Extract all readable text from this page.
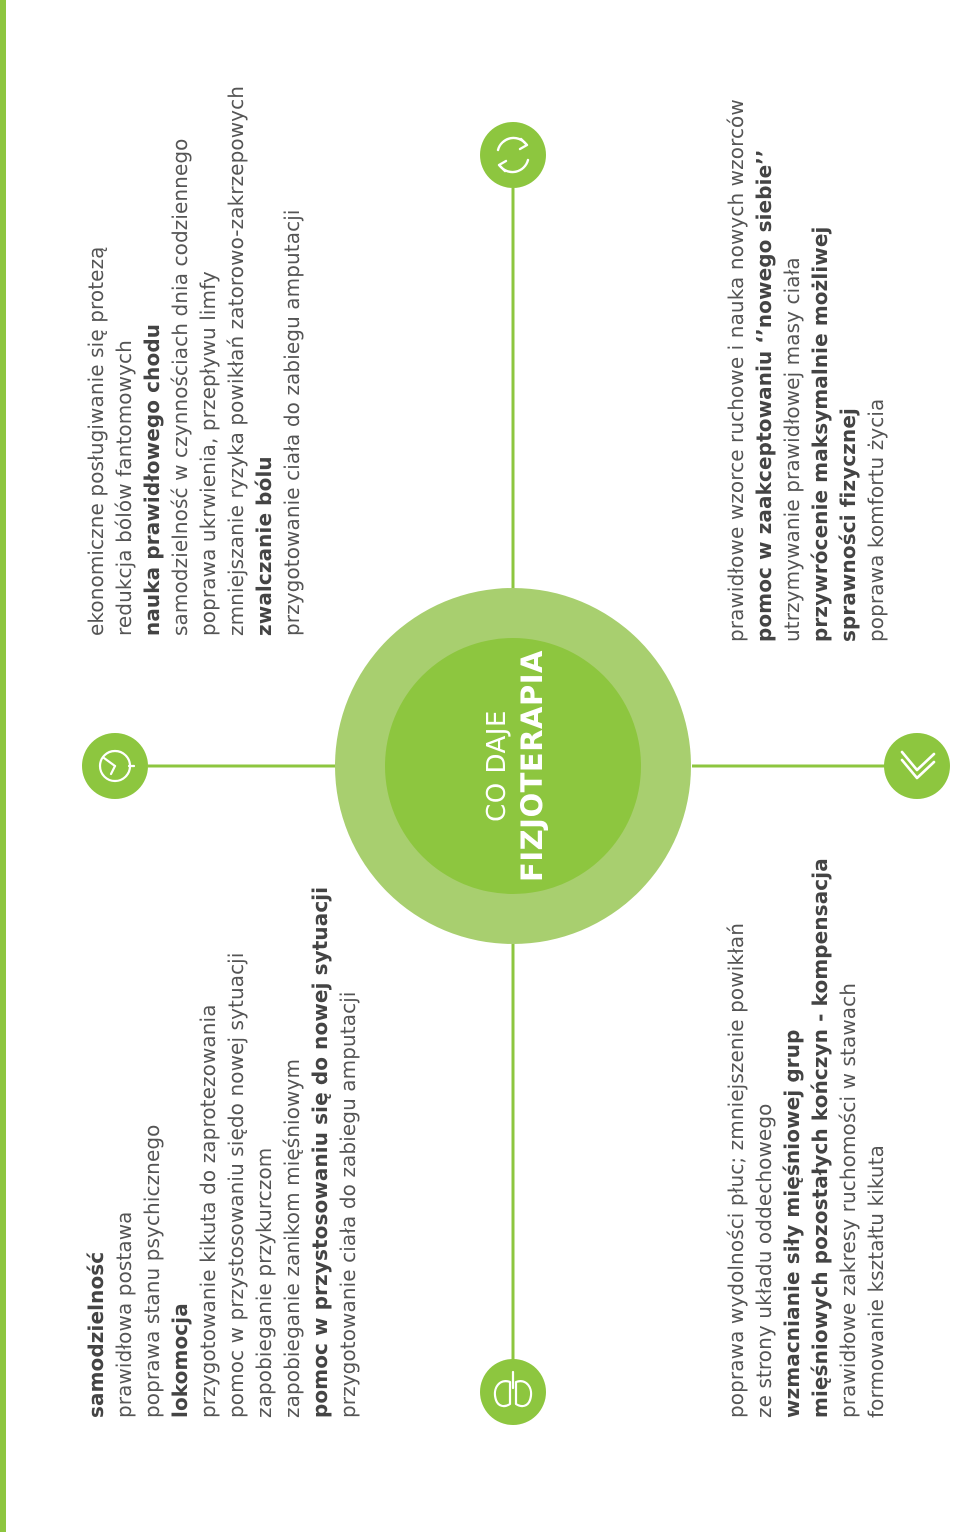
CO DAJE FIZJOTERAPIA
samodzielność prawidłowa postawa poprawa stanu psychicznego lokomocja przygotowanie kikuta do zaprotezowania pomoc w przystosowaniu siędo nowej sytuacji zapobieganie przykurczom zapobieganie zanikom mięśniowym pomoc w przystosowaniu się do nowej sytuacji przygotowanie ciała do zabiegu amputacji
ekonomiczne posługiwanie się protezą redukcja bólów fantomowych nauka prawidłowego chodu samodzielność w czynnościach dnia codziennego poprawa ukrwienia, przepływu limfy zmniejszanie ryzyka powikłań zatorowo-zakrzepowych zwalczanie bólu przygotowanie ciała do zabiegu amputacji
poprawa wydolności płuc; zmniejszenie powikłań ze strony układu oddechowego wzmacnianie siły mięśniowej grup mięśniowych pozostałych kończyn - kompensacja prawidłowe zakresy ruchomości w stawach formowanie kształtu kikuta
prawidłowe wzorce ruchowe i nauka nowych wzorców pomoc w zaakceptowaniu ‘’nowego siebie’’ utrzymywanie prawidłowej masy ciała przywrócenie maksymalnie możliwej sprawności fizycznej poprawa komfortu życia
